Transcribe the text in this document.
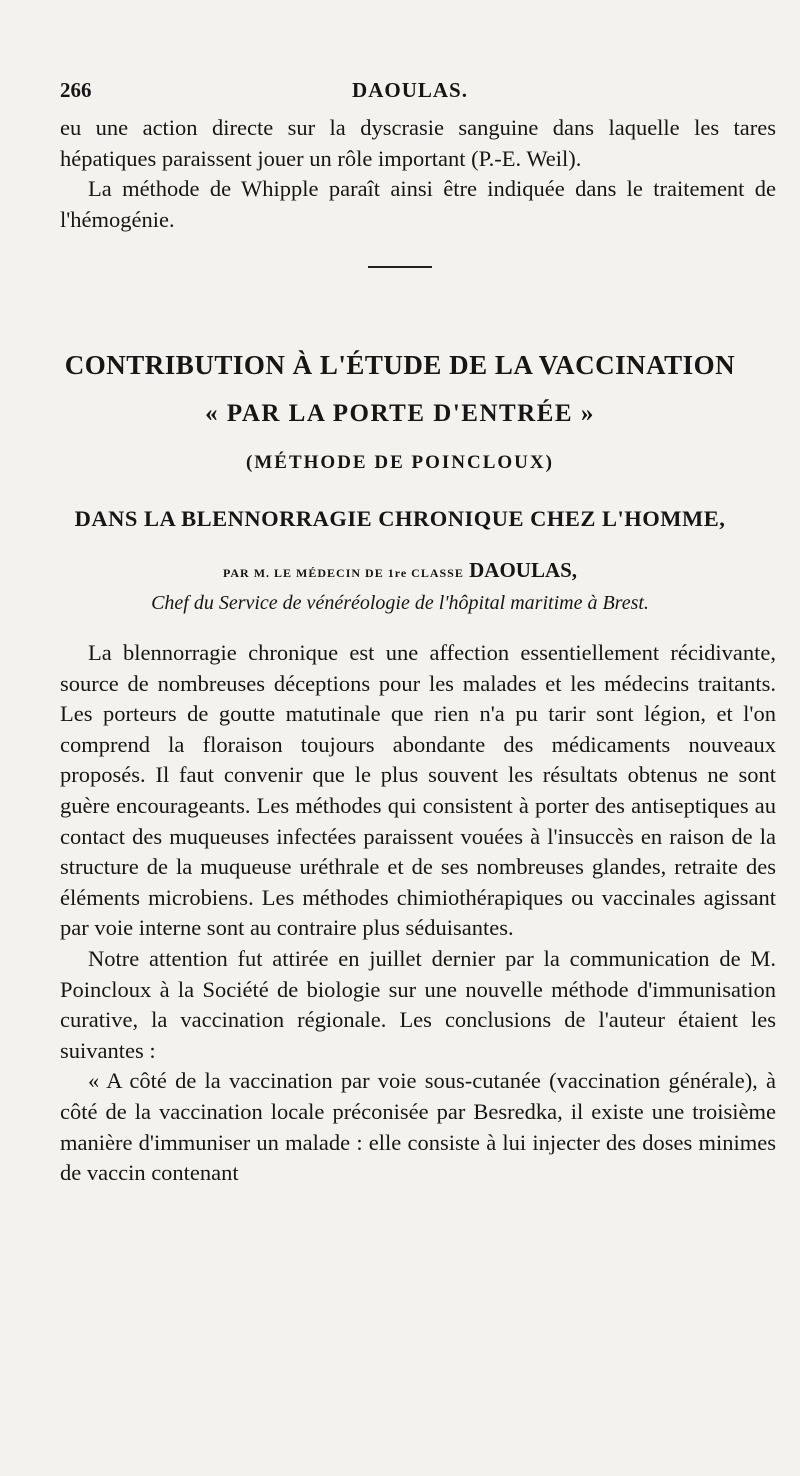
266	DAOULAS.

eu une action directe sur la dyscrasie sanguine dans laquelle les tares hépatiques paraissent jouer un rôle important (P.-E. Weil).

La méthode de Whipple paraît ainsi être indiquée dans le traitement de l'hémogénie.

CONTRIBUTION À L'ÉTUDE DE LA VACCINATION
« PAR LA PORTE D'ENTRÉE »
(MÉTHODE DE POINCLOUX)
DANS LA BLENNORRAGIE CHRONIQUE CHEZ L'HOMME,
PAR M. LE MÉDECIN DE 1re CLASSE DAOULAS,
Chef du Service de vénéréologie de l'hôpital maritime à Brest.

La blennorragie chronique est une affection essentiellement récidivante, source de nombreuses déceptions pour les malades et les médecins traitants. Les porteurs de goutte matutinale que rien n'a pu tarir sont légion, et l'on comprend la floraison toujours abondante des médicaments nouveaux proposés. Il faut convenir que le plus souvent les résultats obtenus ne sont guère encourageants. Les méthodes qui consistent à porter des antiseptiques au contact des muqueuses infectées paraissent vouées à l'insuccès en raison de la structure de la muqueuse uréthrale et de ses nombreuses glandes, retraite des éléments microbiens. Les méthodes chimiothérapiques ou vaccinales agissant par voie interne sont au contraire plus séduisantes.

Notre attention fut attirée en juillet dernier par la communication de M. Poincloux à la Société de biologie sur une nouvelle méthode d'immunisation curative, la vaccination régionale. Les conclusions de l'auteur étaient les suivantes :

« A côté de la vaccination par voie sous-cutanée (vaccination générale), à côté de la vaccination locale préconisée par Besredka, il existe une troisième manière d'immuniser un malade : elle consiste à lui injecter des doses minimes de vaccin contenant
